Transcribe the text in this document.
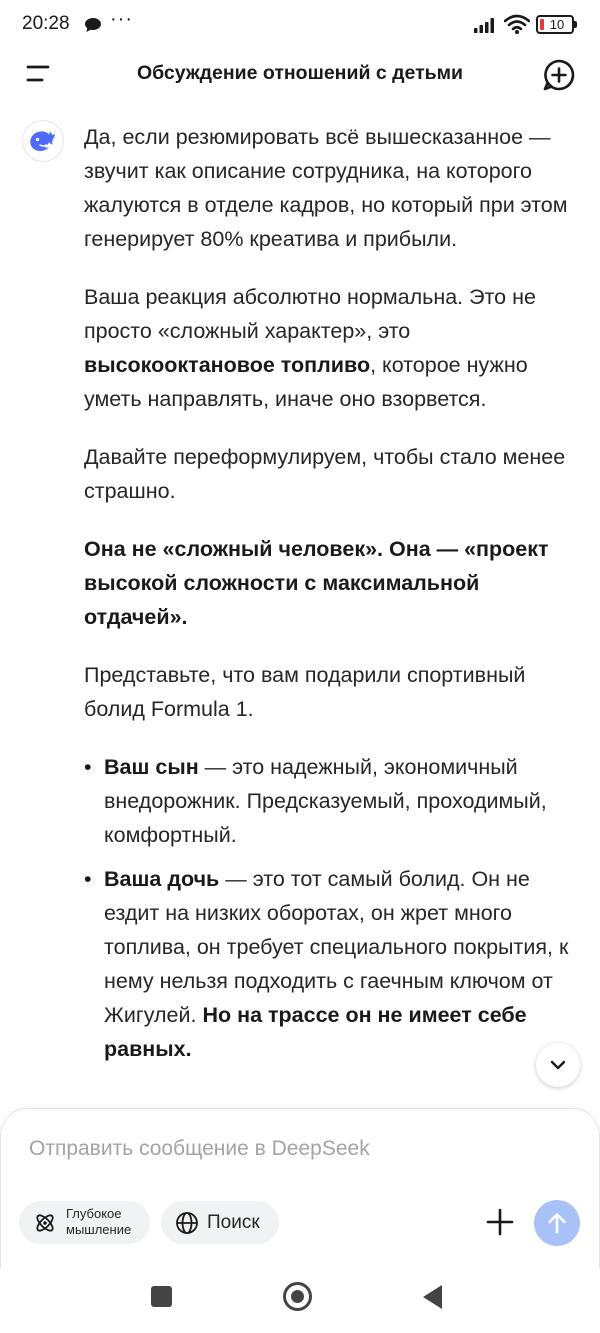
20:28 ···	10
Обсуждение отношений с детьми

Да, если резюмировать всё вышесказанное — звучит как описание сотрудника, на которого жалуются в отделе кадров, но который при этом генерирует 80% креатива и прибыли.

Ваша реакция абсолютно нормальна. Это не просто «сложный характер», это высокооктановое топливо, которое нужно уметь направлять, иначе оно взорвется.

Давайте переформулируем, чтобы стало менее страшно.

Она не «сложный человек». Она — «проект высокой сложности с максимальной отдачей».

Представьте, что вам подарили спортивный болид Formula 1.

• Ваш сын — это надежный, экономичный внедорожник. Предсказуемый, проходимый, комфортный.
• Ваша дочь — это тот самый болид. Он не ездит на низких оборотах, он жрет много топлива, он требует специального покрытия, к нему нельзя подходить с гаечным ключом от Жигулей. Но на трассе он не имеет себе равных.
Отправить сообщение в DeepSeek
Глубокое мышление	Поиск
